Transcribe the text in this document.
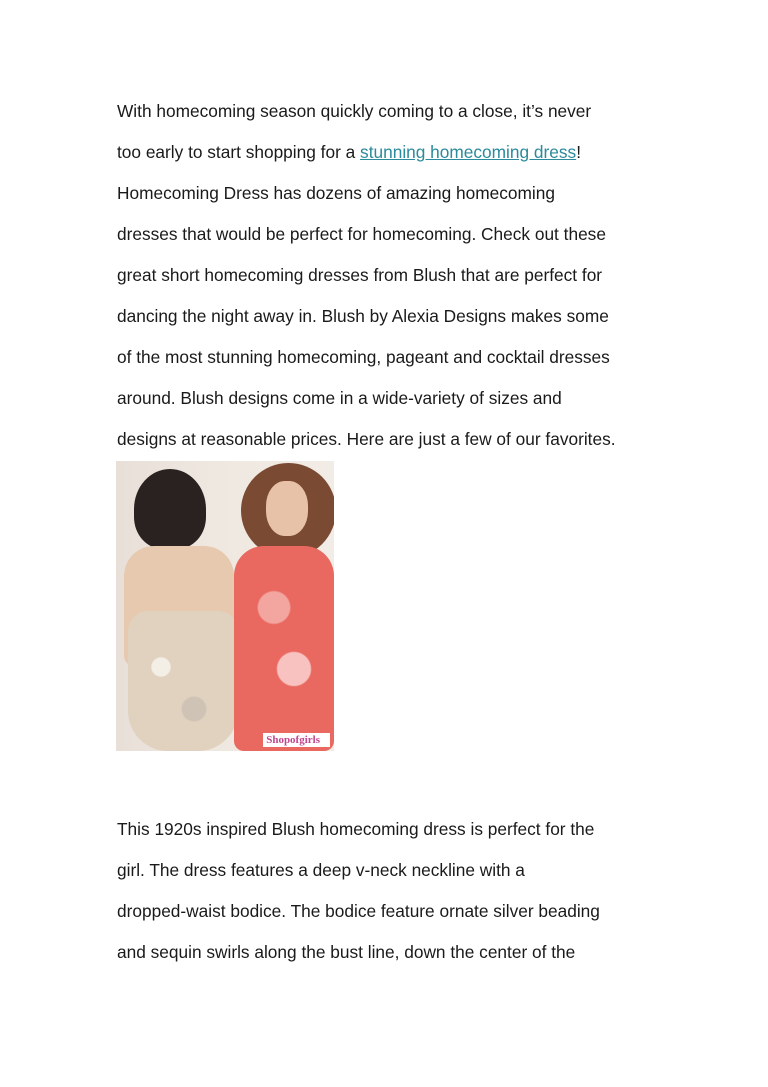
With homecoming season quickly coming to a close, it’s never
too early to start shopping for a stunning homecoming dress!
Homecoming Dress has dozens of amazing homecoming
dresses that would be perfect for homecoming. Check out these
great short homecoming dresses from Blush that are perfect for
dancing the night away in. Blush by Alexia Designs makes some
of the most stunning homecoming, pageant and cocktail dresses
around. Blush designs come in a wide-variety of sizes and
designs at reasonable prices. Here are just a few of our favorites.
Shopofgirls
This 1920s inspired Blush homecoming dress is perfect for the
girl. The dress features a deep v-neck neckline with a
dropped-waist bodice. The bodice feature ornate silver beading
and sequin swirls along the bust line, down the center of the
